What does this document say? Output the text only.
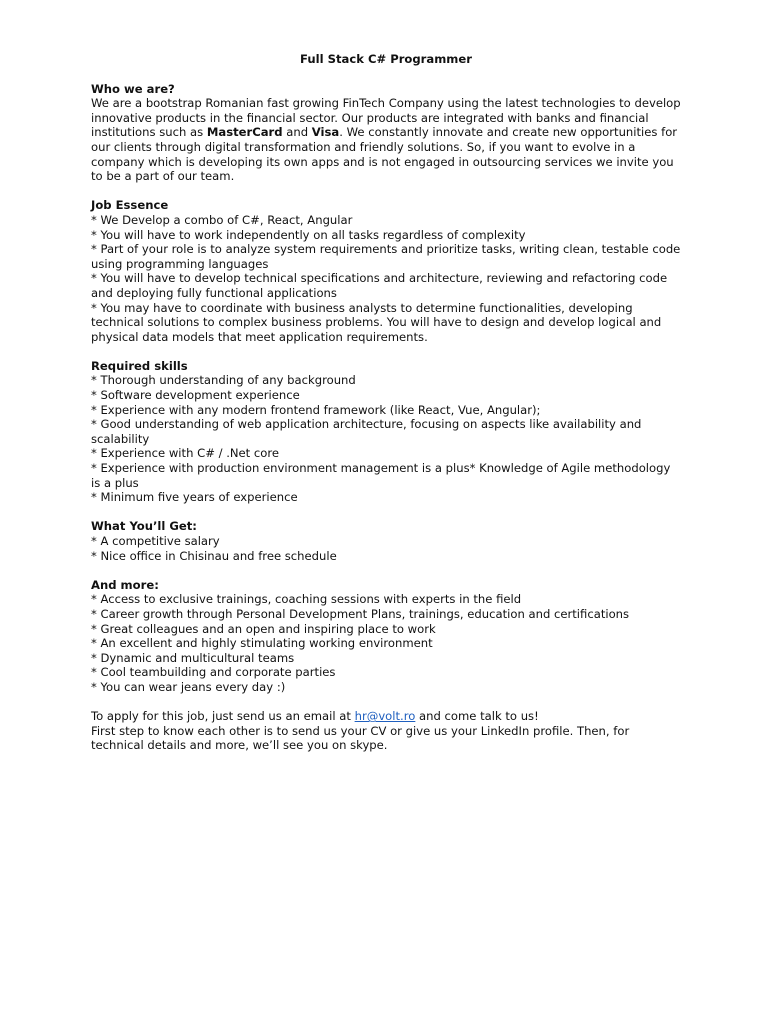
Full Stack C# Programmer
Who we are?

We are a bootstrap Romanian fast growing FinTech Company using the latest technologies to develop innovative products in the financial sector. Our products are integrated with banks and financial institutions such as MasterCard and Visa. We constantly innovate and create new opportunities for our clients through digital transformation and friendly solutions. So, if you want to evolve in a company which is developing its own apps and is not engaged in outsourcing services we invite you to be a part of our team.

Job Essence
* We Develop a combo of C#, React, Angular
* You will have to work independently on all tasks regardless of complexity
* Part of your role is to analyze system requirements and prioritize tasks, writing clean, testable code using programming languages
* You will have to develop technical specifications and architecture, reviewing and refactoring code and deploying fully functional applications
* You may have to coordinate with business analysts to determine functionalities, developing technical solutions to complex business problems. You will have to design and develop logical and physical data models that meet application requirements.
Required skills
* Thorough understanding of any background
* Software development experience
* Experience with any modern frontend framework (like React, Vue, Angular);
* Good understanding of web application architecture, focusing on aspects like availability and scalability
* Experience with C# / .Net core
* Experience with production environment management is a plus* Knowledge of Agile methodology is a plus
* Minimum five years of experience
What You’ll Get:
* A competitive salary
* Nice office in Chisinau and free schedule
And more:
* Access to exclusive trainings, coaching sessions with experts in the field
* Career growth through Personal Development Plans, trainings, education and certifications
* Great colleagues and an open and inspiring place to work
* An excellent and highly stimulating working environment
* Dynamic and multicultural teams
* Cool teambuilding and corporate parties
* You can wear jeans every day :)

To apply for this job, just send us an email at hr@volt.ro and come talk to us!

First step to know each other is to send us your CV or give us your LinkedIn profile. Then, for technical details and more, we’ll see you on skype.
